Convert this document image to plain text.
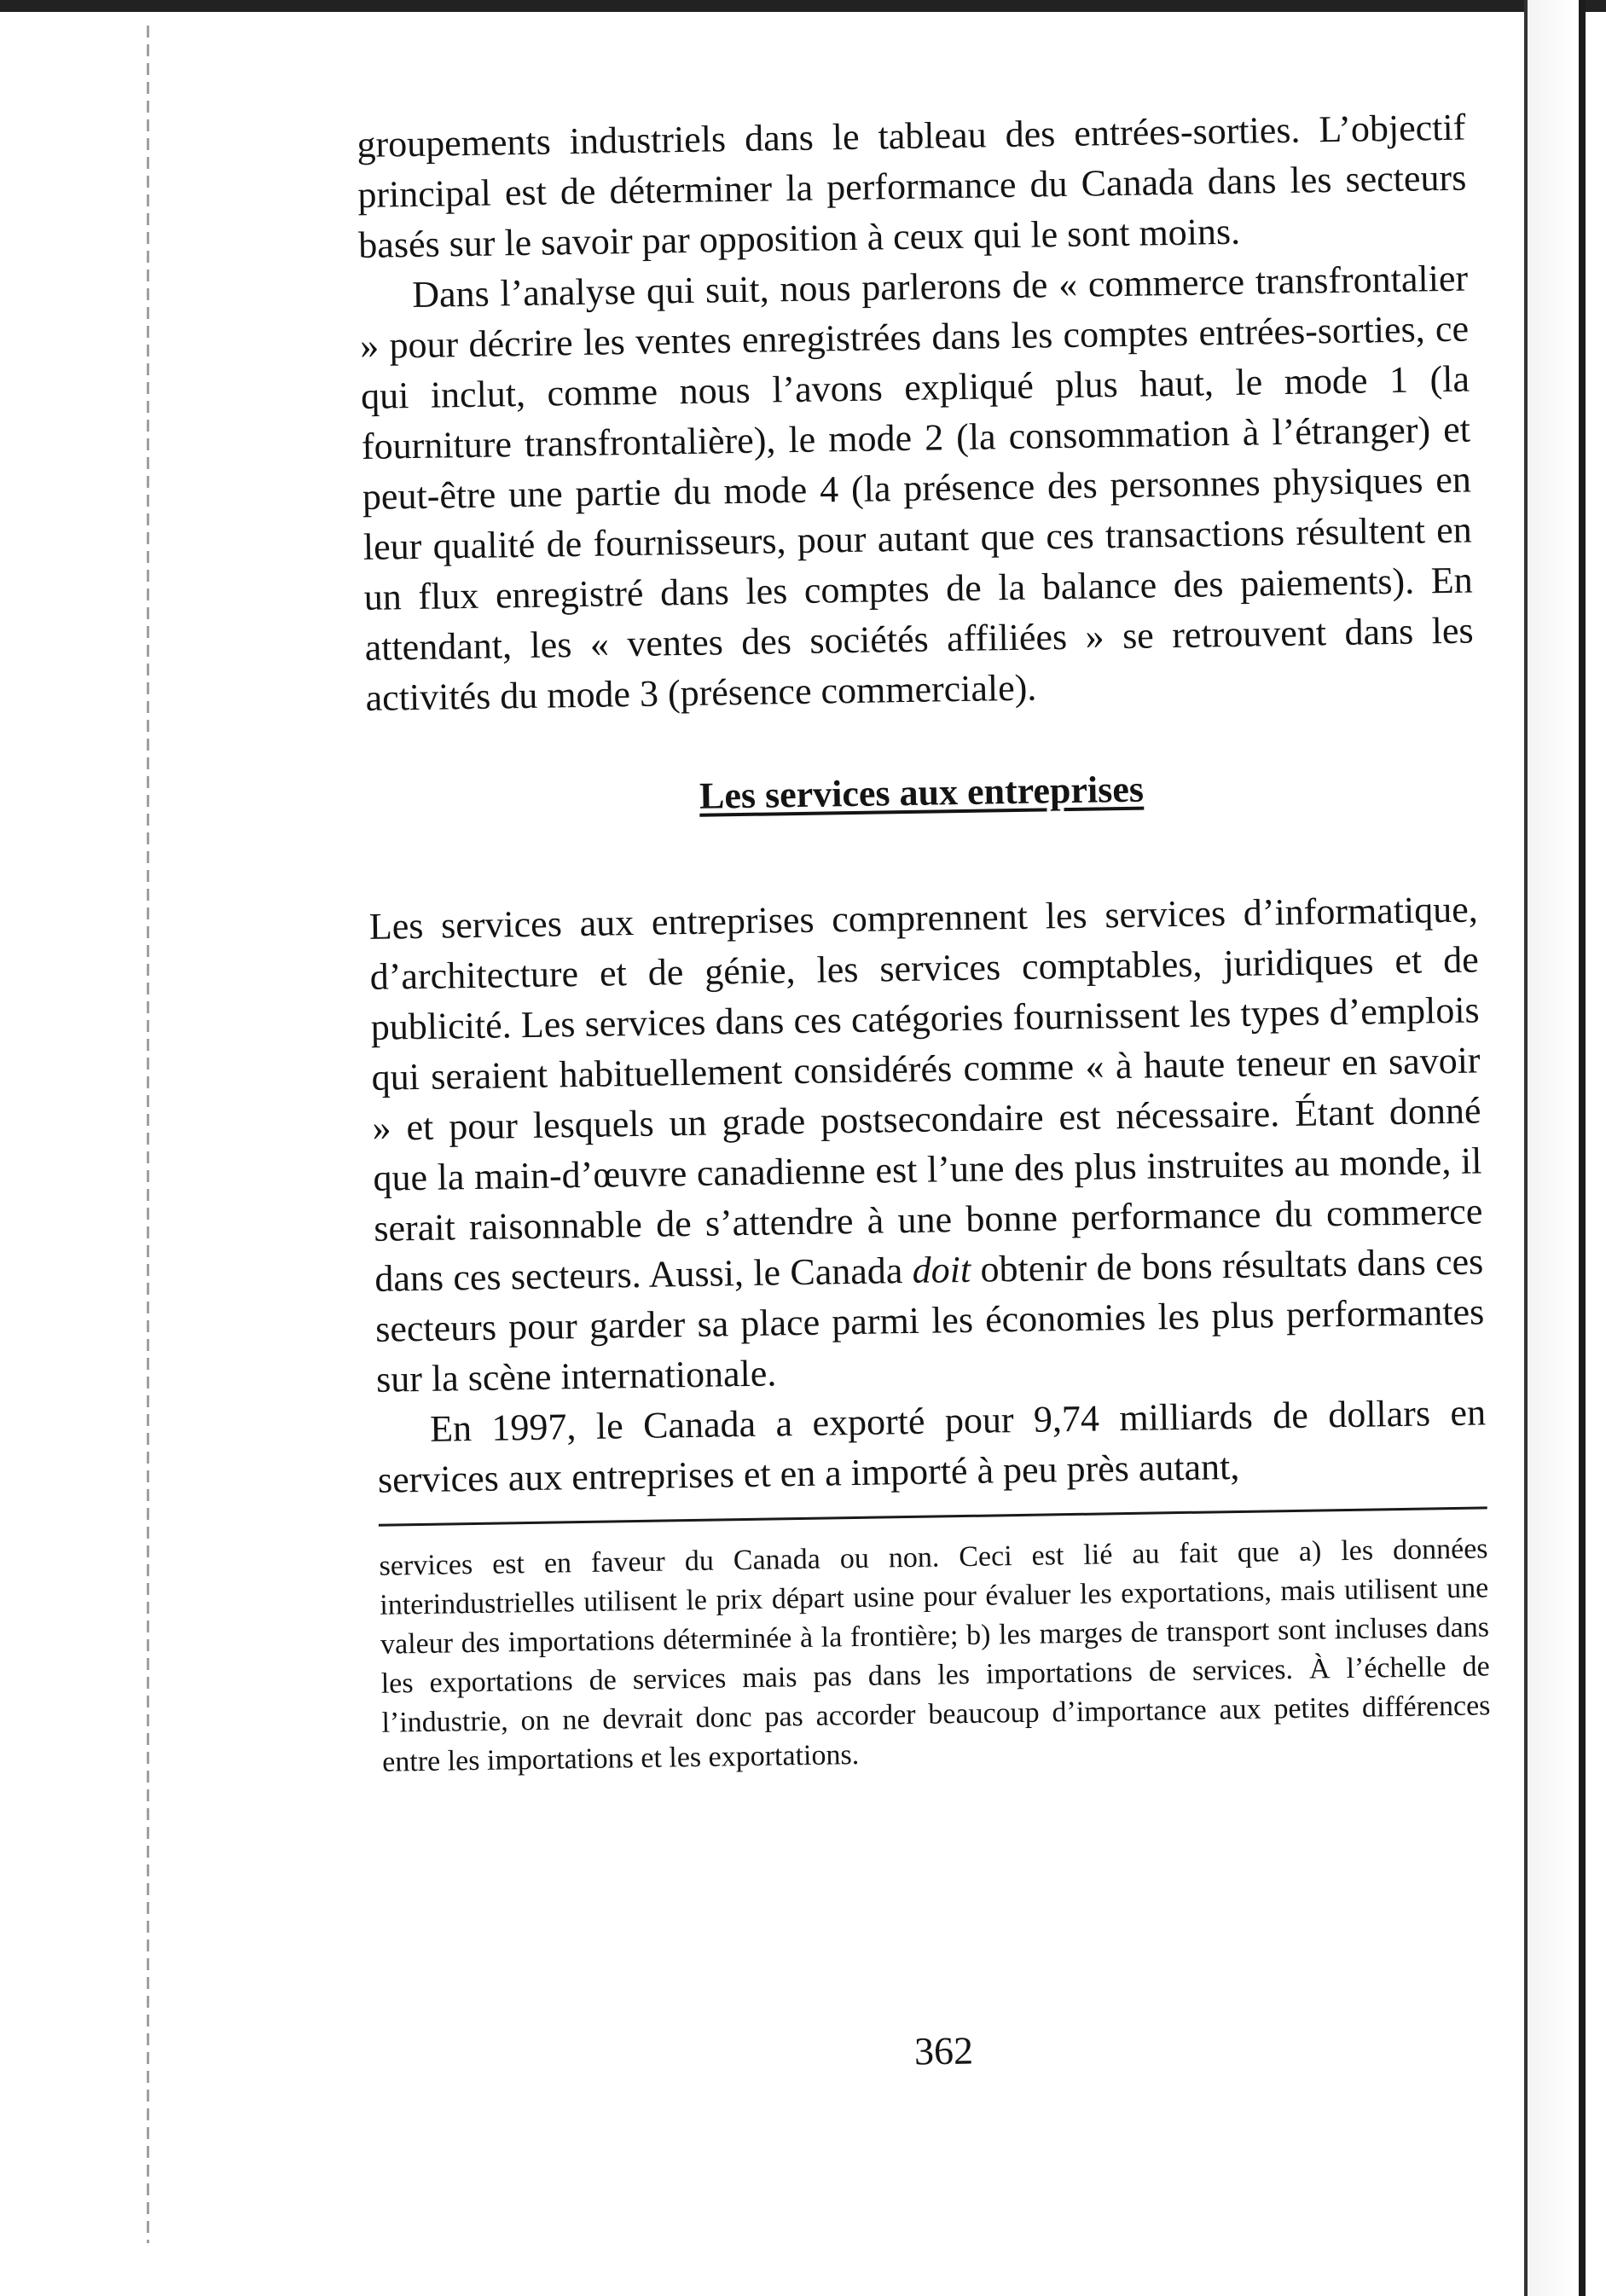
groupements industriels dans le tableau des entrées-sorties. L’objectif principal est de déterminer la performance du Canada dans les secteurs basés sur le savoir par opposition à ceux qui le sont moins.

Dans l’analyse qui suit, nous parlerons de « commerce transfrontalier » pour décrire les ventes enregistrées dans les comptes entrées-sorties, ce qui inclut, comme nous l’avons expliqué plus haut, le mode 1 (la fourniture transfrontalière), le mode 2 (la consommation à l’étranger) et peut-être une partie du mode 4 (la présence des personnes physiques en leur qualité de fournisseurs, pour autant que ces transactions résultent en un flux enregistré dans les comptes de la balance des paiements). En attendant, les « ventes des sociétés affiliées » se retrouvent dans les activités du mode 3 (présence commerciale).

Les services aux entreprises

Les services aux entreprises comprennent les services d’informatique, d’architecture et de génie, les services comptables, juridiques et de publicité. Les services dans ces catégories fournissent les types d’emplois qui seraient habituellement considérés comme « à haute teneur en savoir » et pour lesquels un grade postsecondaire est nécessaire. Étant donné que la main-d’œuvre canadienne est l’une des plus instruites au monde, il serait raisonnable de s’attendre à une bonne performance du commerce dans ces secteurs. Aussi, le Canada doit obtenir de bons résultats dans ces secteurs pour garder sa place parmi les économies les plus performantes sur la scène internationale.

En 1997, le Canada a exporté pour 9,74 milliards de dollars en services aux entreprises et en a importé à peu près autant,

services est en faveur du Canada ou non. Ceci est lié au fait que a) les données interindustrielles utilisent le prix départ usine pour évaluer les exportations, mais utilisent une valeur des importations déterminée à la frontière; b) les marges de transport sont incluses dans les exportations de services mais pas dans les importations de services. À l’échelle de l’industrie, on ne devrait donc pas accorder beaucoup d’importance aux petites différences entre les importations et les exportations.

362
